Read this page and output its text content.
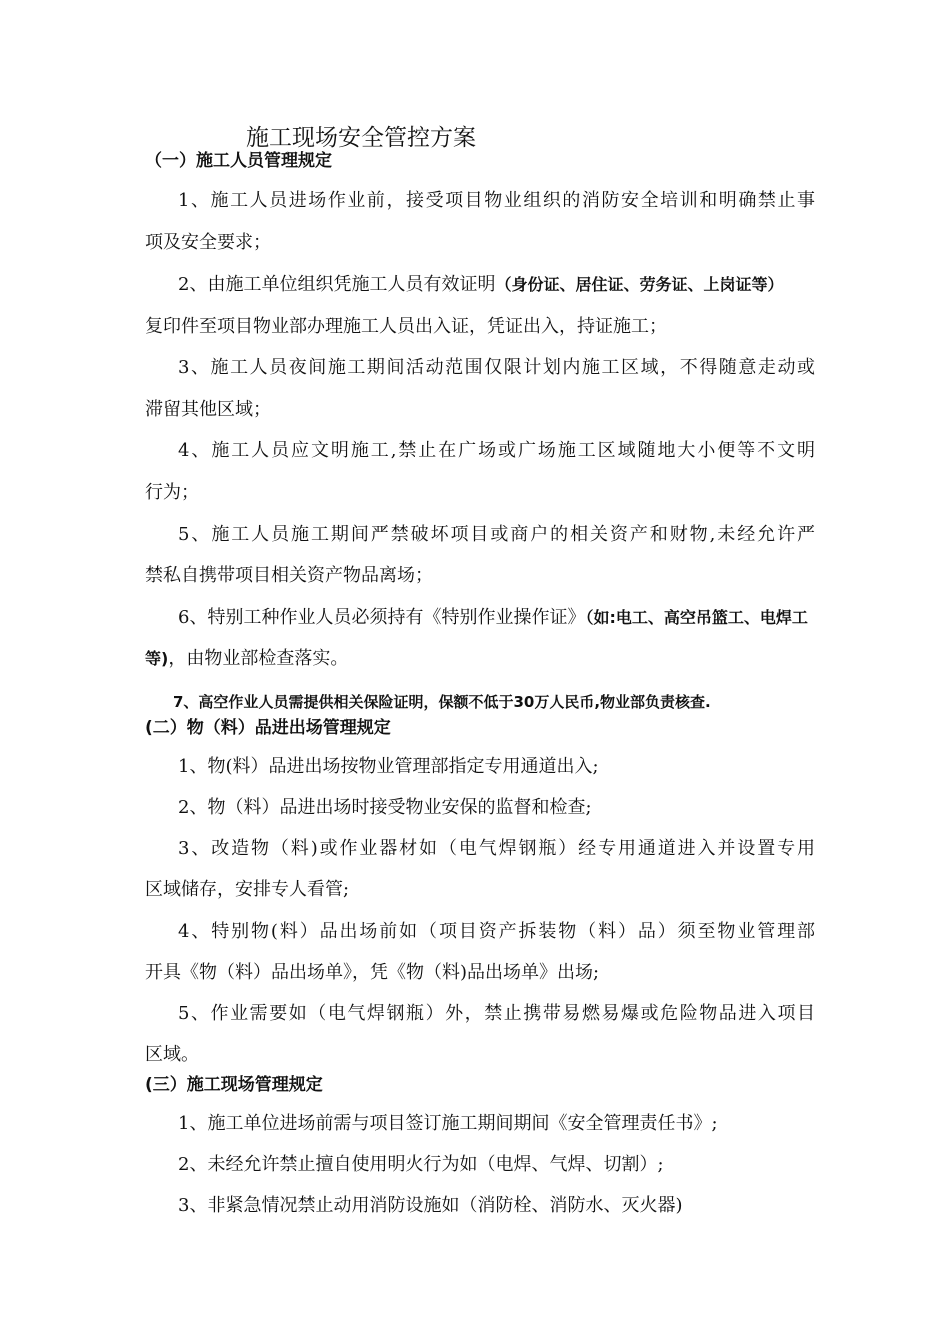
施工现场安全管控方案
（一）施工人员管理规定
1、施工人员进场作业前，接受项目物业组织的消防安全培训和明确禁止事
项及安全要求；
2、由施工单位组织凭施工人员有效证明（身份证、居住证、劳务证、上岗证等）
复印件至项目物业部办理施工人员出入证，凭证出入，持证施工；
3、施工人员夜间施工期间活动范围仅限计划内施工区域，不得随意走动或
滞留其他区域；
4、施工人员应文明施工,禁止在广场或广场施工区域随地大小便等不文明
行为；
5、施工人员施工期间严禁破坏项目或商户的相关资产和财物,未经允许严
禁私自携带项目相关资产物品离场；
6、特别工种作业人员必须持有《特别作业操作证》（如:电工、高空吊篮工、电焊工
等)，由物业部检查落实。
7、高空作业人员需提供相关保险证明，保额不低于30万人民币,物业部负责核查.
(二）物（料）品进出场管理规定
1、物(料）品进出场按物业管理部指定专用通道出入;
2、物（料）品进出场时接受物业安保的监督和检查;
3、改造物（料)或作业器材如（电气焊钢瓶）经专用通道进入并设置专用
区域储存，安排专人看管;
4、特别物(料）品出场前如（项目资产拆装物（料）品）须至物业管理部
开具《物（料）品出场单》，凭《物（料)品出场单》出场;
5、作业需要如（电气焊钢瓶）外，禁止携带易燃易爆或危险物品进入项目
区域。
(三）施工现场管理规定
1、施工单位进场前需与项目签订施工期间期间《安全管理责任书》;
2、未经允许禁止擅自使用明火行为如（电焊、气焊、切割）;
3、非紧急情况禁止动用消防设施如（消防栓、消防水、灭火器)
